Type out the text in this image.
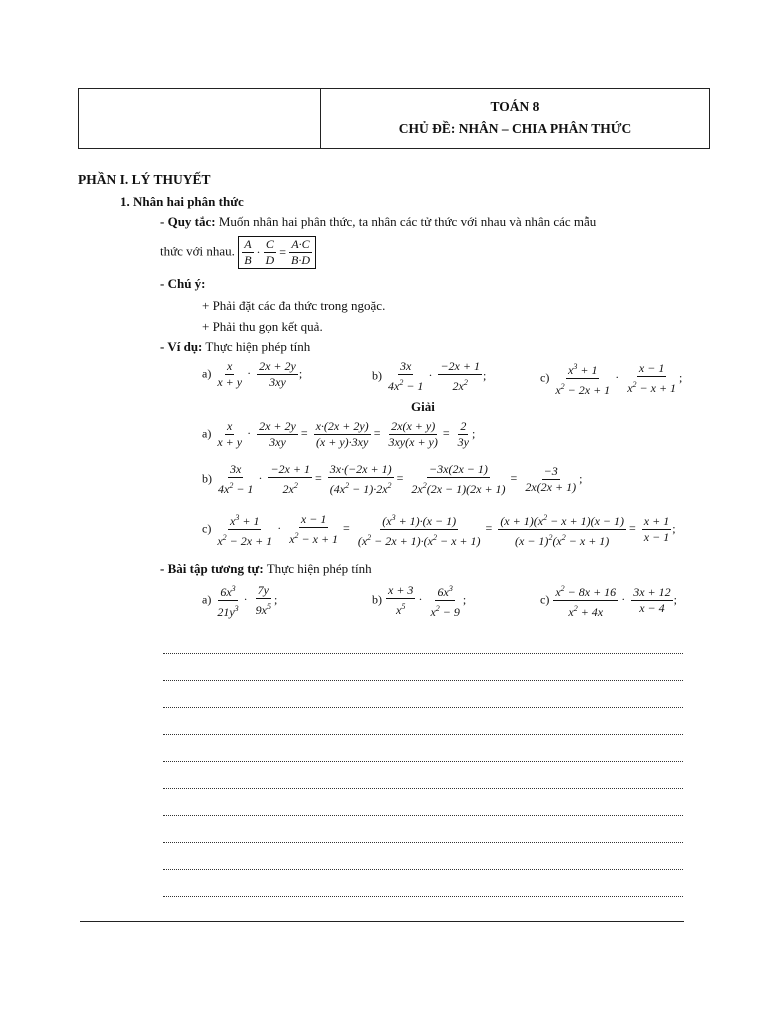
TOÁN 8
CHỦ ĐỀ: NHÂN – CHIA PHÂN THỨC
PHẦN I. LÝ THUYẾT
1. Nhân hai phân thức
- Quy tắc: Muốn nhân hai phân thức, ta nhân các tử thức với nhau và nhân các mẫu
thức với nhau. $\frac{A}{B} \cdot \frac{C}{D} = \frac{A\cdot C}{B\cdot D}$
- Chú ý:
+ Phải đặt các đa thức trong ngoặc.
+ Phải thu gọn kết quả.
- Ví dụ: Thực hiện phép tính
$a) \frac{x}{x + y} \cdot \frac{2x + 2y}{3xy}$ ;	$b) \frac{3x}{4x^2 - 1} \cdot \frac{-2x + 1}{2x^2}$ ;	$c) \frac{x^3 + 1}{x^2 - 2x + 1} \cdot \frac{x - 1}{x^2 - x + 1}$ ;
Giải
$a) \frac{x}{x + y} \cdot \frac{2x + 2y}{3xy} = \frac{x\cdot(2x + 2y)}{(x + y)\cdot 3xy} = \frac{2x(x + y)}{3xy(x + y)} = \frac{2}{3y}$ ;
$b) \frac{3x}{4x^2 - 1} \cdot \frac{-2x + 1}{2x^2} = \frac{3x\cdot(-2x + 1)}{(4x^2 - 1)\cdot 2x^2} = \frac{-3x(2x - 1)}{2x^2(2x - 1)(2x + 1)} = \frac{-3}{2x(2x + 1)}$ ;
$c) \frac{x^3 + 1}{x^2 - 2x + 1} \cdot \frac{x - 1}{x^2 - x + 1} = \frac{(x^3 + 1)\cdot(x - 1)}{(x^2 - 2x + 1)\cdot(x^2 - x + 1)} = \frac{(x + 1)(x^2 - x + 1)(x - 1)}{(x - 1)^2(x^2 - x + 1)} = \frac{x + 1}{x - 1}$ ;
- Bài tập tương tự: Thực hiện phép tính
$a) \frac{6x^3}{21y^3} \cdot \frac{7y}{9x^5}$ ;	$b) \frac{x + 3}{x^5} \cdot \frac{6x^3}{x^2 - 9}$ ;	$c) \frac{x^2 - 8x + 16}{x^2 + 4x} \cdot \frac{3x + 12}{x - 4}$ ;
